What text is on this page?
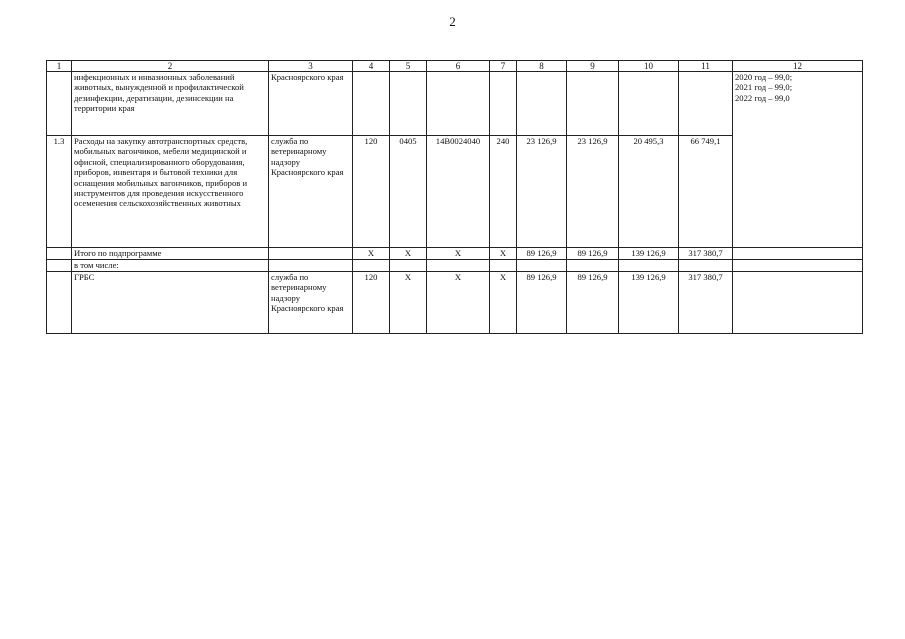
2
1	2	3	4	5	6	7	8	9	10	11	12
	инфекционных и инвазионных заболеваний животных, вынужденной и профилактической дезинфекции, дератизации, дезинсекции на территории края	Красноярского края									2020 год – 99,0;
2021 год – 99,0;
2022 год – 99,0

1.3	Расходы на закупку автотранспортных средств, мобильных вагончиков, мебели медицинской и офисной, специализированного оборудования, приборов, инвентаря и бытовой техники для оснащения мобильных вагончиков, приборов и инструментов для проведения искусственного осеменения сельскохозяйственных животных	служба по ветеринарному надзору Красноярского края	120	0405	14В0024040	240	23 126,9	23 126,9	20 495,3	66 749,1	
	Итого по подпрограмме		Х	Х	Х	Х	89 126,9	89 126,9	139 126,9	317 380,7	
	в том числе:										
	ГРБС	служба по ветеринарному надзору Красноярского края	120	Х	Х	Х	89 126,9	89 126,9	139 126,9	317 380,7	
